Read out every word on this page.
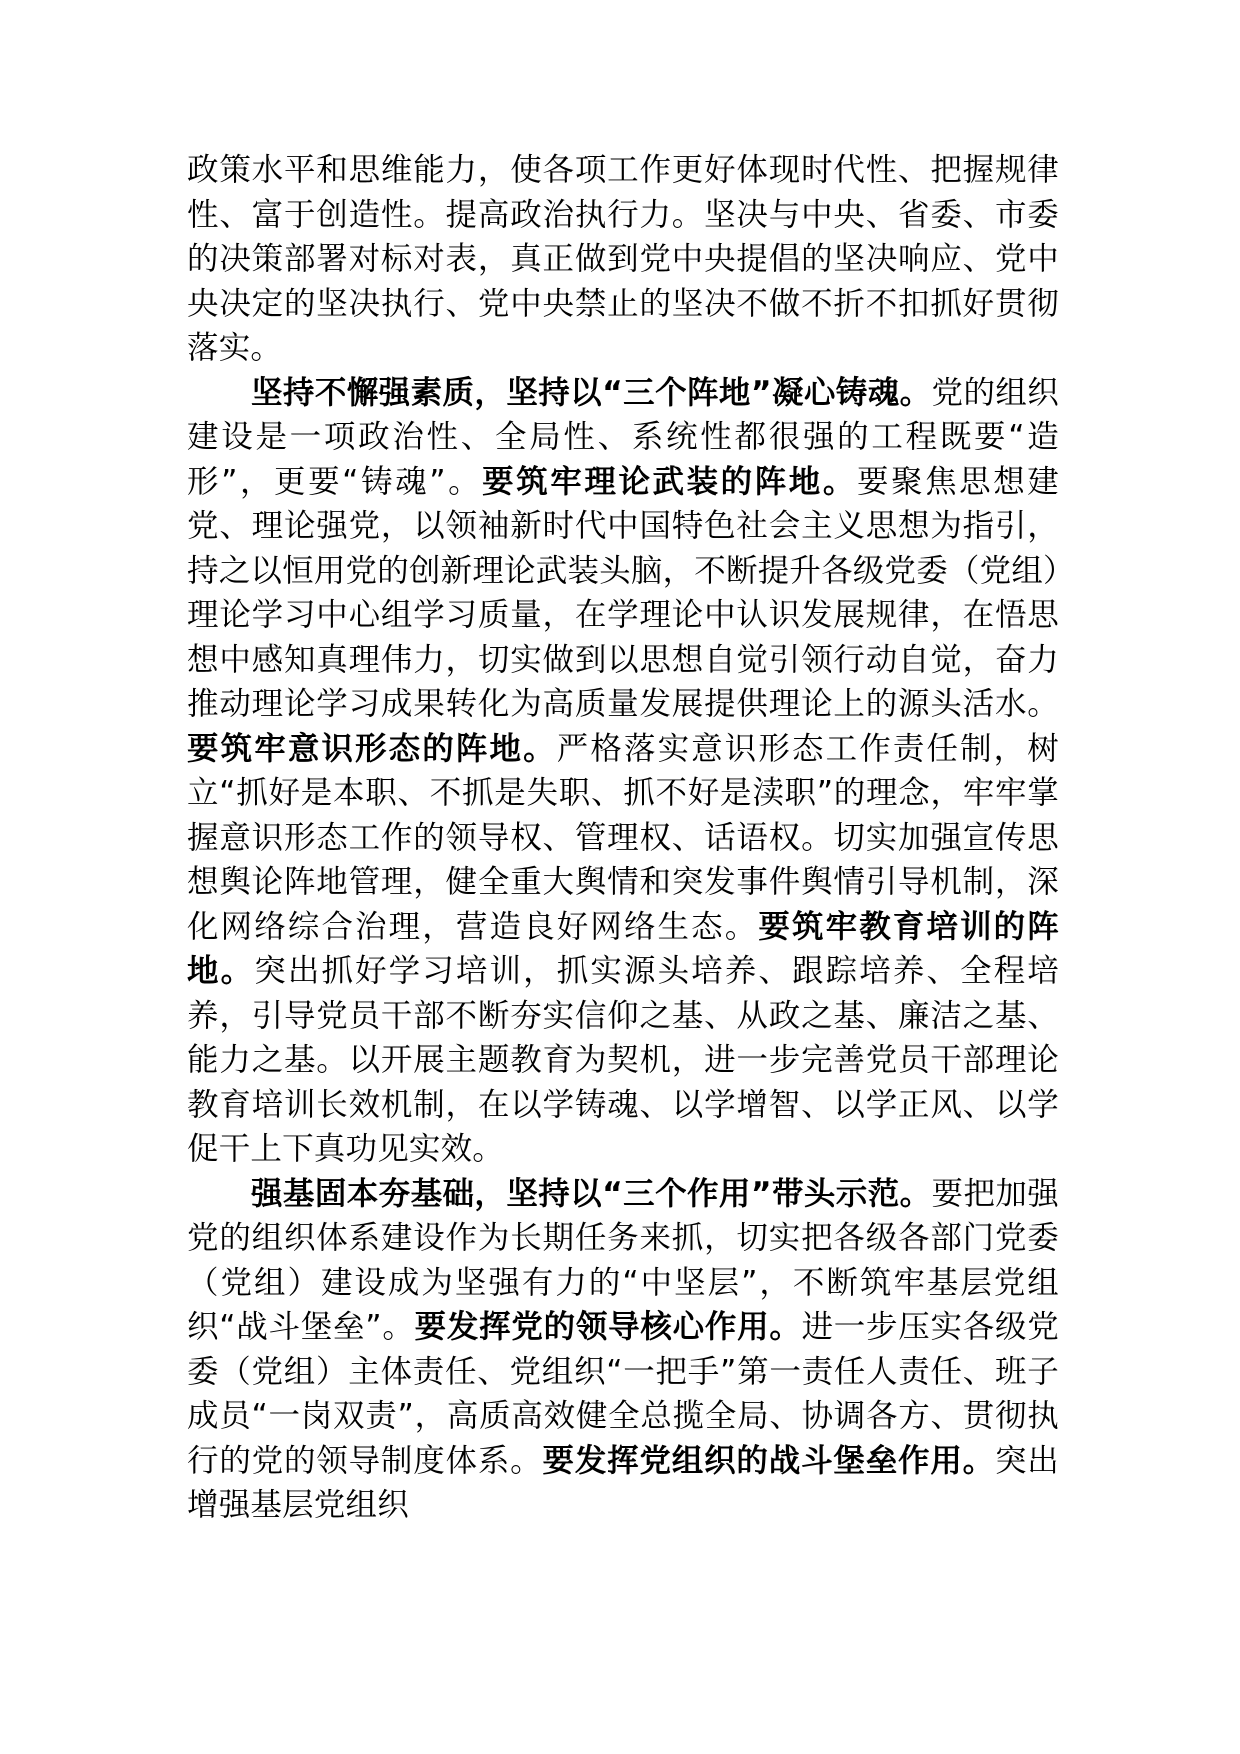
政策水平和思维能力，使各项工作更好体现时代性、把握规律性、富于创造性。提高政治执行力。坚决与中央、省委、市委的决策部署对标对表，真正做到党中央提倡的坚决响应、党中央决定的坚决执行、党中央禁止的坚决不做不折不扣抓好贯彻落实。

坚持不懈强素质，坚持以“三个阵地”凝心铸魂。党的组织建设是一项政治性、全局性、系统性都很强的工程既要“造形”，更要“铸魂”。要筑牢理论武装的阵地。要聚焦思想建党、理论强党，以领袖新时代中国特色社会主义思想为指引，持之以恒用党的创新理论武装头脑，不断提升各级党委（党组）理论学习中心组学习质量，在学理论中认识发展规律，在悟思想中感知真理伟力，切实做到以思想自觉引领行动自觉，奋力推动理论学习成果转化为高质量发展提供理论上的源头活水。要筑牢意识形态的阵地。严格落实意识形态工作责任制，树立“抓好是本职、不抓是失职、抓不好是渎职”的理念，牢牢掌握意识形态工作的领导权、管理权、话语权。切实加强宣传思想舆论阵地管理，健全重大舆情和突发事件舆情引导机制，深化网络综合治理，营造良好网络生态。要筑牢教育培训的阵地。突出抓好学习培训，抓实源头培养、跟踪培养、全程培养，引导党员干部不断夯实信仰之基、从政之基、廉洁之基、能力之基。以开展主题教育为契机，进一步完善党员干部理论教育培训长效机制，在以学铸魂、以学增智、以学正风、以学促干上下真功见实效。

强基固本夯基础，坚持以“三个作用”带头示范。要把加强党的组织体系建设作为长期任务来抓，切实把各级各部门党委（党组）建设成为坚强有力的“中坚层”，不断筑牢基层党组织“战斗堡垒”。要发挥党的领导核心作用。进一步压实各级党委（党组）主体责任、党组织“一把手”第一责任人责任、班子成员“一岗双责”，高质高效健全总揽全局、协调各方、贯彻执行的党的领导制度体系。要发挥党组织的战斗堡垒作用。突出增强基层党组织
